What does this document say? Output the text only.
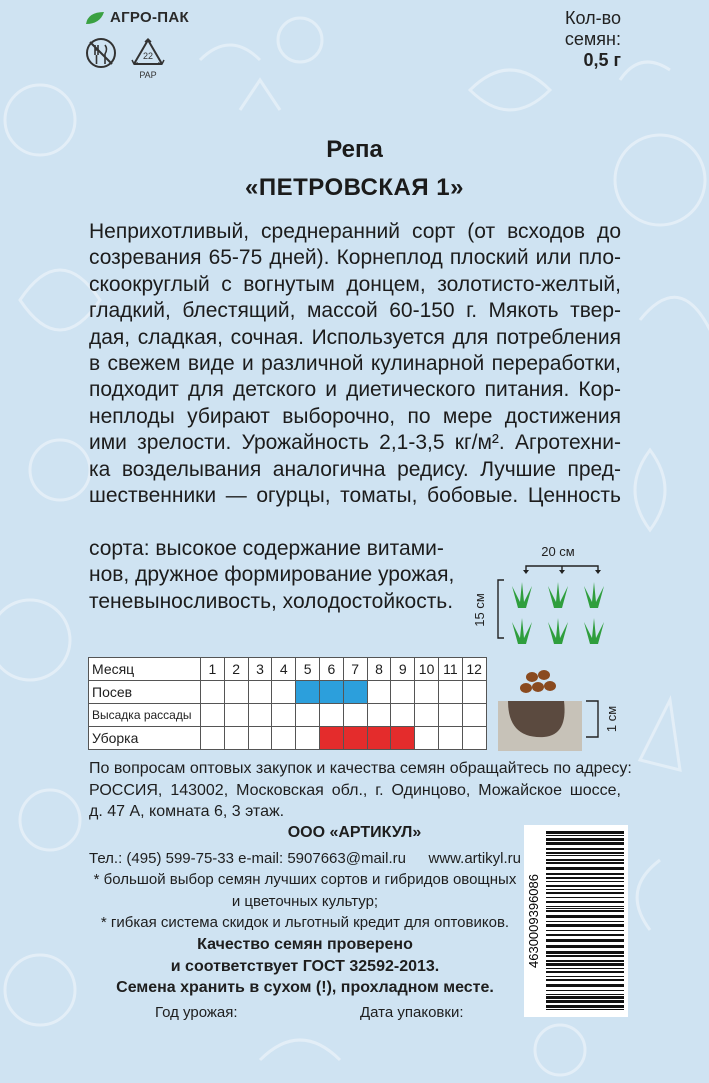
АГРО-ПАК
22
PAP
Кол-во
семян:
0,5 г
Репа
«ПЕТРОВСКАЯ 1»

Неприхотливый, среднеранний сорт (от всходов до

созревания 65-75 дней). Корнеплод плоский или пло-

скоокруглый с вогнутым донцем, золотисто-желтый,

гладкий, блестящий, массой 60-150 г. Мякоть твер-

дая, сладкая, сочная. Используется для потребления

в свежем виде и различной кулинарной переработки,

подходит для детского и диетического питания. Кор-

неплоды убирают выборочно, по мере достижения

ими зрелости. Урожайность 2,1-3,5 кг/м². Агротехни-

ка возделывания аналогична редису. Лучшие пред-

шественники — огурцы, томаты, бобовые. Ценность

сорта: высокое содержание витами-

нов, дружное формирование урожая,

теневыносливость, холодостойкость.

20 см
15 см
Месяц	1	2	3	4	5	6	7	8	9	10	11	12
Посев												
Высадка рассады												
Уборка												
1 см

По вопросам оптовых закупок и качества семян обращайтесь по адресу:

РОССИЯ, 143002, Московская обл., г. Одинцово, Можайское шоссе,

д. 47 А, комната 6, 3 этаж.

ООО «АРТИКУЛ»
Тел.: (495) 599-75-33 e-mail: 5907663@mail.ru www.artikyl.ru

* большой выбор семян лучших сортов и гибридов овощных

и цветочных культур;

* гибкая система скидок и льготный кредит для оптовиков.

Качество семян проверено

и соответствует ГОСТ 32592-2013.

Семена хранить в сухом (!), прохладном месте.

Год урожая:	Дата упаковки:
4630009396086
